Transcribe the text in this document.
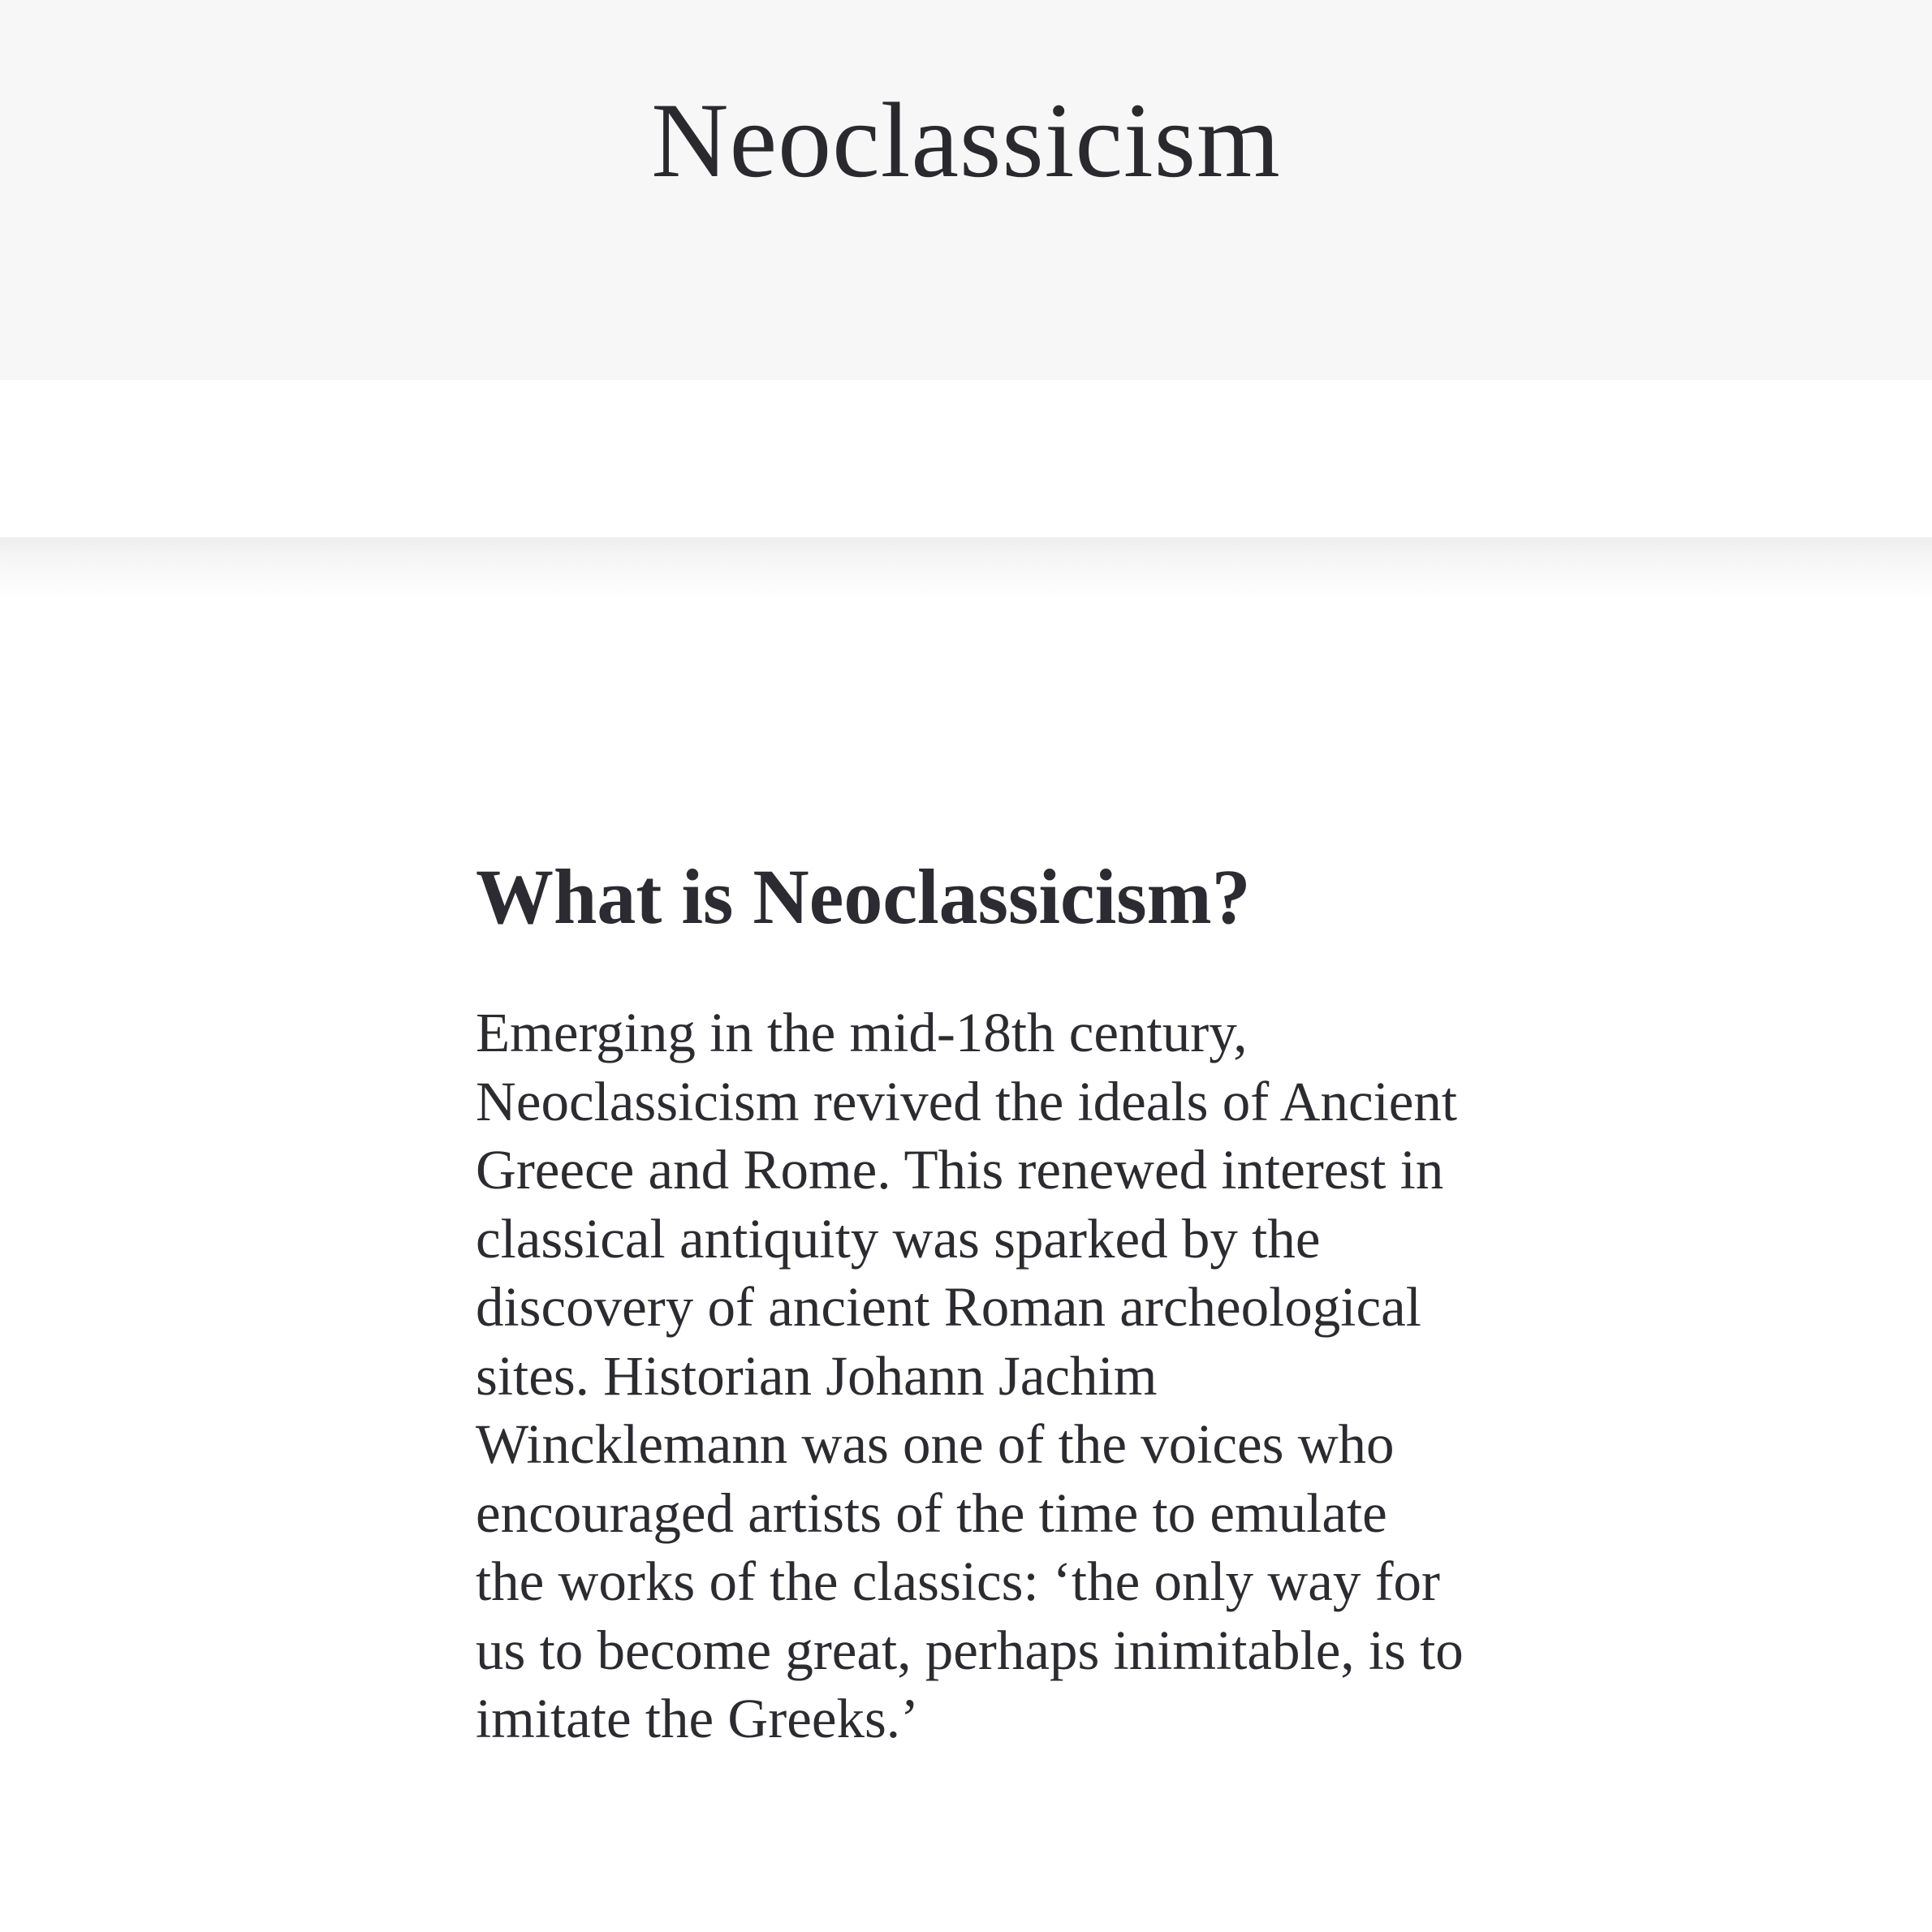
Neoclassicism
What is Neoclassicism?

Emerging in the mid-18th century, Neoclassicism revived the ideals of Ancient Greece and Rome. This renewed interest in classical antiquity was sparked by the discovery of ancient Roman archeological sites. Historian Johann Jachim Wincklemann was one of the voices who encouraged artists of the time to emulate the works of the classics: ‘the only way for us to become great, perhaps inimitable, is to imitate the Greeks.’
